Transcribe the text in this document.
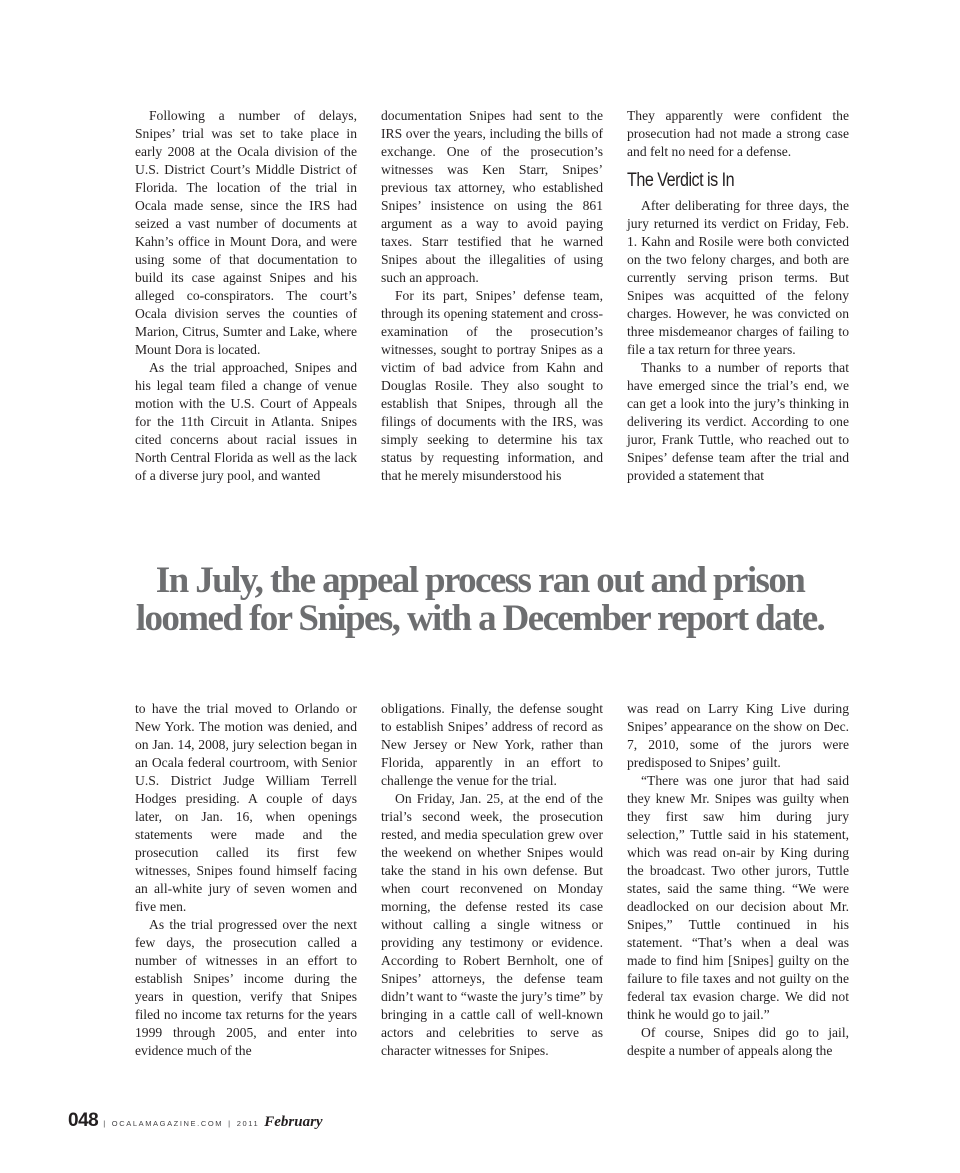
Following a number of delays, Snipes’ trial was set to take place in early 2008 at the Ocala division of the U.S. District Court’s Middle District of Florida. The location of the trial in Ocala made sense, since the IRS had seized a vast number of documents at Kahn’s office in Mount Dora, and were using some of that documentation to build its case against Snipes and his alleged co-conspirators. The court’s Ocala division serves the counties of Marion, Citrus, Sumter and Lake, where Mount Dora is located.

As the trial approached, Snipes and his legal team filed a change of venue motion with the U.S. Court of Appeals for the 11th Circuit in Atlanta. Snipes cited concerns about racial issues in North Central Florida as well as the lack of a diverse jury pool, and wanted

documentation Snipes had sent to the IRS over the years, including the bills of exchange. One of the prosecution’s witnesses was Ken Starr, Snipes’ previous tax attorney, who established Snipes’ insistence on using the 861 argument as a way to avoid paying taxes. Starr testified that he warned Snipes about the illegalities of using such an approach.

For its part, Snipes’ defense team, through its opening statement and cross-examination of the prosecution’s witnesses, sought to portray Snipes as a victim of bad advice from Kahn and Douglas Rosile. They also sought to establish that Snipes, through all the filings of documents with the IRS, was simply seeking to determine his tax status by requesting information, and that he merely misunderstood his

They apparently were confident the prosecution had not made a strong case and felt no need for a defense.

The Verdict is In

After deliberating for three days, the jury returned its verdict on Friday, Feb. 1. Kahn and Rosile were both convicted on the two felony charges, and both are currently serving prison terms. But Snipes was acquitted of the felony charges. However, he was convicted on three misdemeanor charges of failing to file a tax return for three years.

Thanks to a number of reports that have emerged since the trial’s end, we can get a look into the jury’s thinking in delivering its verdict. According to one juror, Frank Tuttle, who reached out to Snipes’ defense team after the trial and provided a statement that

In July, the appeal process ran out and prison
loomed for Snipes, with a December report date.

to have the trial moved to Orlando or New York. The motion was denied, and on Jan. 14, 2008, jury selection began in an Ocala federal courtroom, with Senior U.S. District Judge William Terrell Hodges presiding. A couple of days later, on Jan. 16, when openings statements were made and the prosecution called its first few witnesses, Snipes found himself facing an all-white jury of seven women and five men.

As the trial progressed over the next few days, the prosecution called a number of witnesses in an effort to establish Snipes’ income during the years in question, verify that Snipes filed no income tax returns for the years 1999 through 2005, and enter into evidence much of the

obligations. Finally, the defense sought to establish Snipes’ address of record as New Jersey or New York, rather than Florida, apparently in an effort to challenge the venue for the trial.

On Friday, Jan. 25, at the end of the trial’s second week, the prosecution rested, and media speculation grew over the weekend on whether Snipes would take the stand in his own defense. But when court reconvened on Monday morning, the defense rested its case without calling a single witness or providing any testimony or evidence. According to Robert Bernholt, one of Snipes’ attorneys, the defense team didn’t want to “waste the jury’s time” by bringing in a cattle call of well-known actors and celebrities to serve as character witnesses for Snipes.

was read on Larry King Live during Snipes’ appearance on the show on Dec. 7, 2010, some of the jurors were predisposed to Snipes’ guilt.

“There was one juror that had said they knew Mr. Snipes was guilty when they first saw him during jury selection,” Tuttle said in his statement, which was read on-air by King during the broadcast. Two other jurors, Tuttle states, said the same thing. “We were deadlocked on our decision about Mr. Snipes,” Tuttle continued in his statement. “That’s when a deal was made to find him [Snipes] guilty on the failure to file taxes and not guilty on the federal tax evasion charge. We did not think he would go to jail.”

Of course, Snipes did go to jail, despite a number of appeals along the

048 | OCALAMAGAZINE.COM | 2011 February
